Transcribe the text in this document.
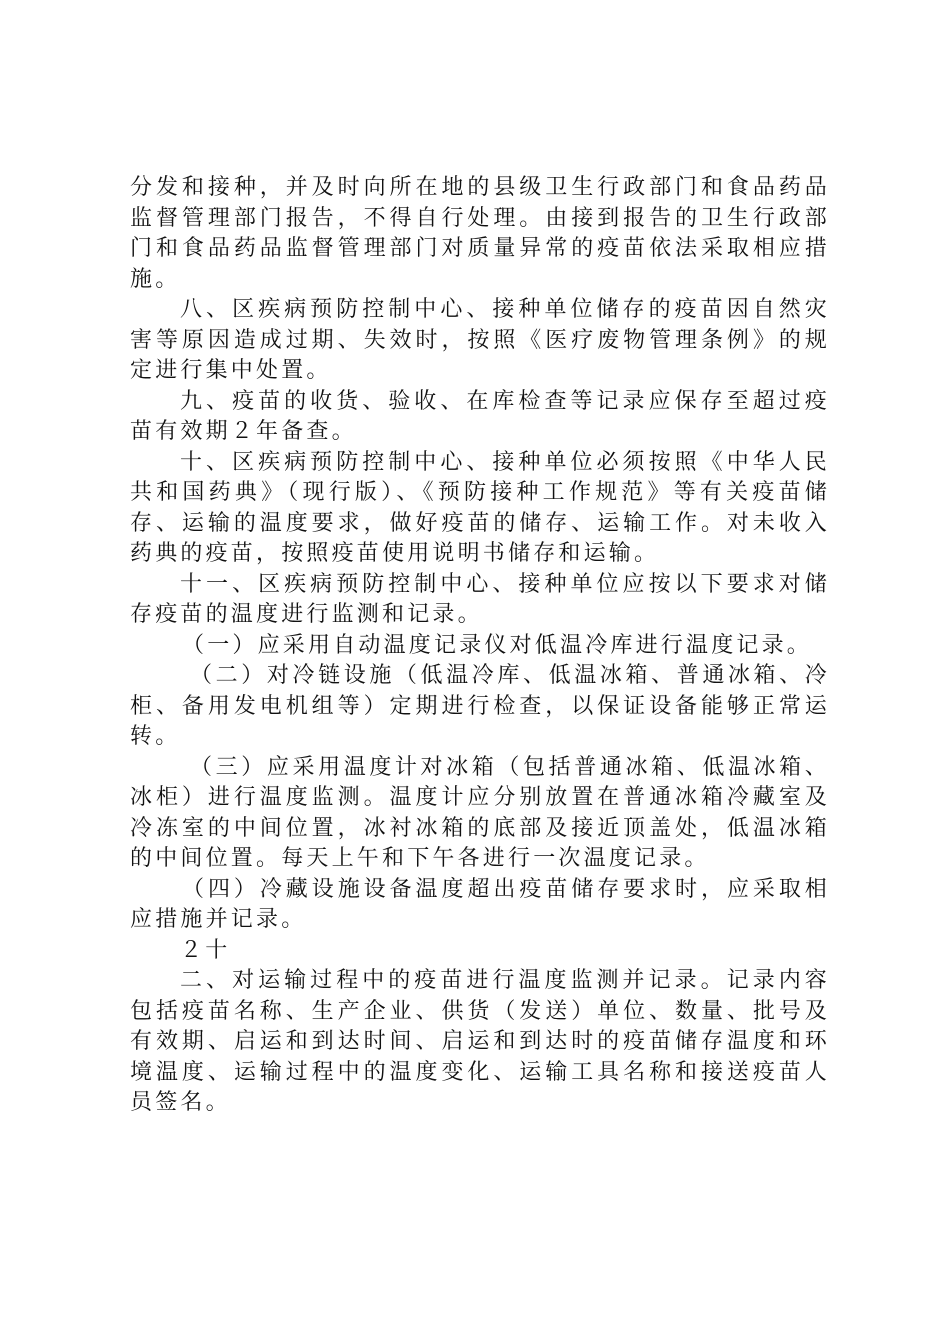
分发和接种，并及时向所在地的县级卫生行政部门和食品药品监督管理部门报告，不得自行处理。由接到报告的卫生行政部门和食品药品监督管理部门对质量异常的疫苗依法采取相应措施。

八、区疾病预防控制中心、接种单位储存的疫苗因自然灾害等原因造成过期、失效时，按照《医疗废物管理条例》的规定进行集中处置。

九、疫苗的收货、验收、在库检查等记录应保存至超过疫苗有效期２年备查。

十、区疾病预防控制中心、接种单位必须按照《中华人民共和国药典》（现行版）、《预防接种工作规范》等有关疫苗储存、运输的温度要求，做好疫苗的储存、运输工作。对未收入药典的疫苗，按照疫苗使用说明书储存和运输。

十一、区疾病预防控制中心、接种单位应按以下要求对储存疫苗的温度进行监测和记录。

（一）应采用自动温度记录仪对低温冷库进行温度记录。

（二）对冷链设施（低温冷库、低温冰箱、普通冰箱、冷柜、备用发电机组等）定期进行检查，以保证设备能够正常运转。

（三）应采用温度计对冰箱（包括普通冰箱、低温冰箱、冰柜）进行温度监测。温度计应分别放置在普通冰箱冷藏室及冷冻室的中间位置，冰衬冰箱的底部及接近顶盖处，低温冰箱的中间位置。每天上午和下午各进行一次温度记录。

（四）冷藏设施设备温度超出疫苗储存要求时，应采取相应措施并记录。

２十

二、对运输过程中的疫苗进行温度监测并记录。记录内容包括疫苗名称、生产企业、供货（发送）单位、数量、批号及有效期、启运和到达时间、启运和到达时的疫苗储存温度和环境温度、运输过程中的温度变化、运输工具名称和接送疫苗人员签名。
